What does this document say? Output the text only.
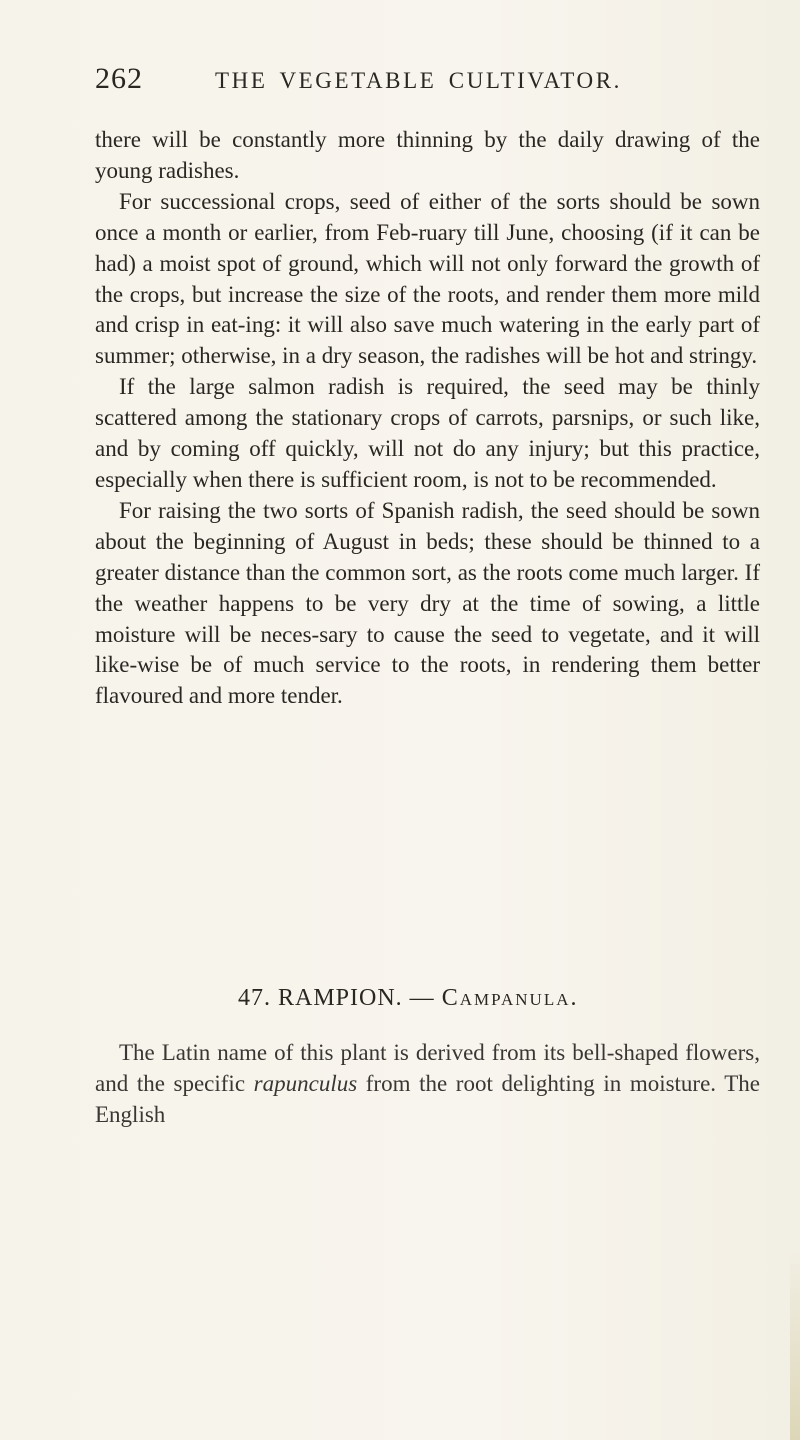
262	THE VEGETABLE CULTIVATOR.

there will be constantly more thinning by the daily drawing of the young radishes.

For successional crops, seed of either of the sorts should be sown once a month or earlier, from Feb-ruary till June, choosing (if it can be had) a moist spot of ground, which will not only forward the growth of the crops, but increase the size of the roots, and render them more mild and crisp in eat-ing: it will also save much watering in the early part of summer; otherwise, in a dry season, the radishes will be hot and stringy.

If the large salmon radish is required, the seed may be thinly scattered among the stationary crops of carrots, parsnips, or such like, and by coming off quickly, will not do any injury; but this practice, especially when there is sufficient room, is not to be recommended.

For raising the two sorts of Spanish radish, the seed should be sown about the beginning of August in beds; these should be thinned to a greater distance than the common sort, as the roots come much larger. If the weather happens to be very dry at the time of sowing, a little moisture will be neces-sary to cause the seed to vegetate, and it will like-wise be of much service to the roots, in rendering them better flavoured and more tender.

47. RAMPION. — Campanula.

The Latin name of this plant is derived from its bell-shaped flowers, and the specific rapunculus from the root delighting in moisture. The English
